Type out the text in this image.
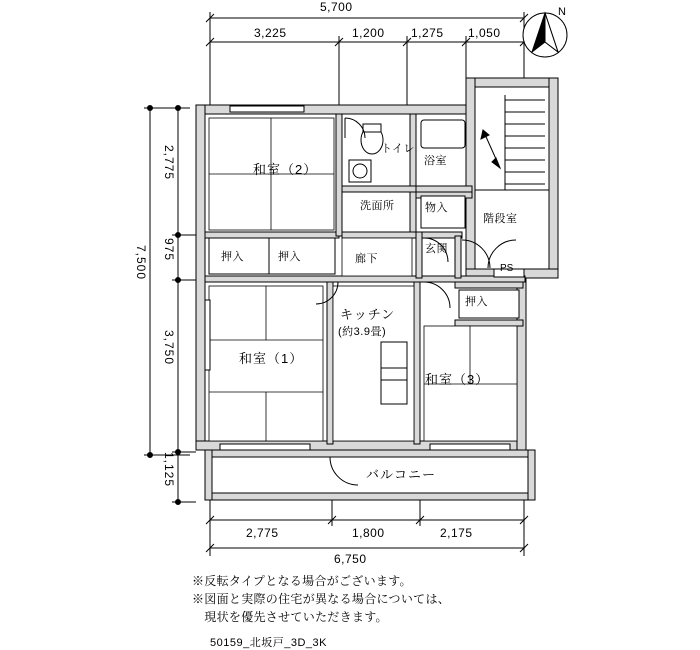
5,700
3,225	1,200 1,275 1,050
N
7,500
2,775
975
3,750
1,125
2,775	1,800	2,175
6,750
和室（2）
和室（1）
和室（3）
キッチン
(約3.9畳)
トイレ
浴室
洗面所	物入
玄関
廊下
押入	押入
押入
階段室
PS
バルコニー
※反転タイプとなる場合がございます。
※図面と実際の住宅が異なる場合については、
　現状を優先させていただきます。
50159_北坂戸_3D_3K
